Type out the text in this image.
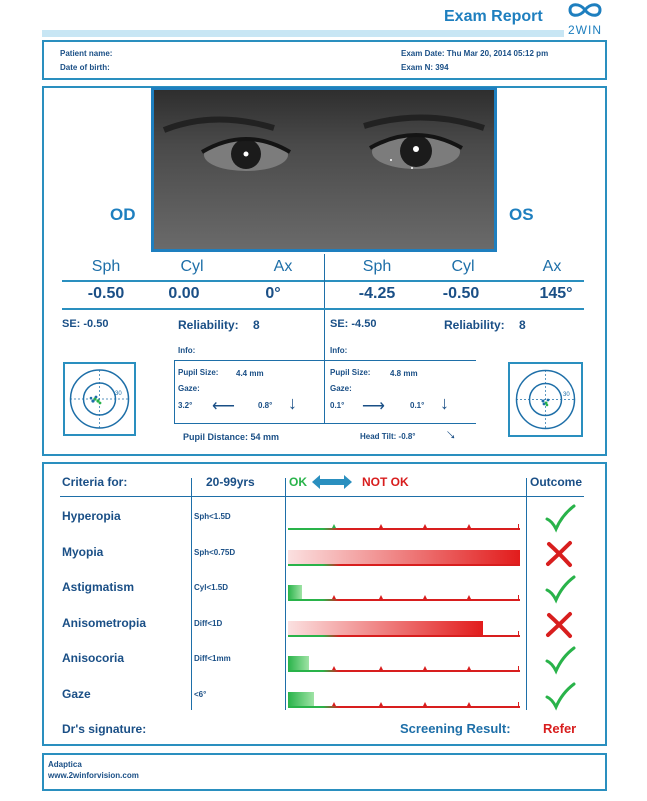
Exam Report
2WIN
Patient name:
Date of birth:
Exam Date: Thu Mar 20, 2014 05:12 pm
Exam N: 394
OD	OS
Sph	Cyl	Ax	Sph	Cyl	Ax
-0.50	0.00	0°	-4.25	-0.50	145°
SE: -0.50	Reliability: 8	SE: -4.50	Reliability: 8
Info:	Info:
Pupil Size: 4.4 mm
Gaze:
3.2° ⟵	0.8° ↓
Pupil Size: 4.8 mm
Gaze:
0.1° ⟶	0.1° ↓
Pupil Distance: 54 mm	Head Tilt: -0.8° ↓
30	30
Criteria for:	20-99yrs	OK	NOT OK	Outcome
Hyperopia	Sph<1.5D
Myopia	Sph<0.75D
Astigmatism	Cyl<1.5D
Anisometropia	Diff<1D
Anisocoria	Diff<1mm
Gaze	<6°
Dr's signature:	Screening Result: Refer
Adaptica
www.2winforvision.com
